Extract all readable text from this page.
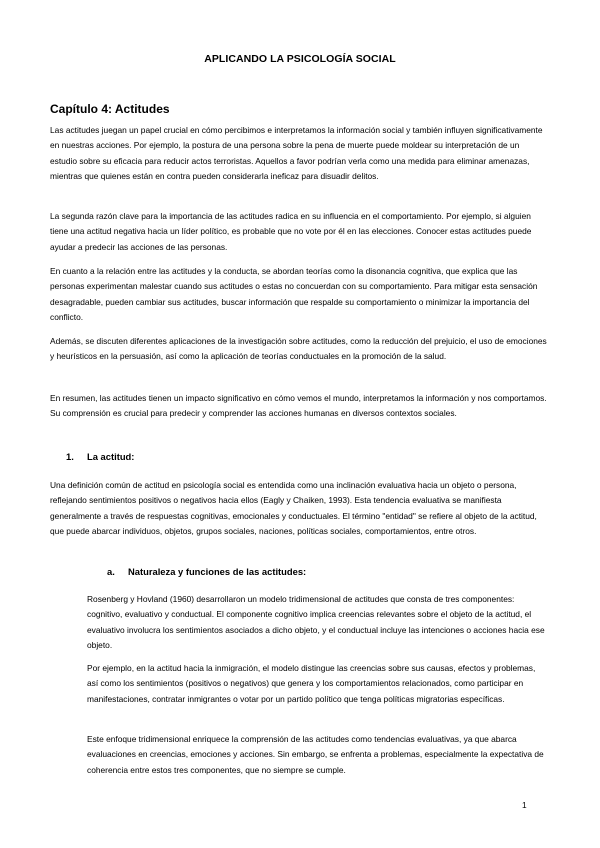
APLICANDO LA PSICOLOGÍA SOCIAL
Capítulo 4: Actitudes

Las actitudes juegan un papel crucial en cómo percibimos e interpretamos la información social y también influyen significativamente en nuestras acciones. Por ejemplo, la postura de una persona sobre la pena de muerte puede moldear su interpretación de un estudio sobre su eficacia para reducir actos terroristas. Aquellos a favor podrían verla como una medida para eliminar amenazas, mientras que quienes están en contra pueden considerarla ineficaz para disuadir delitos.

La segunda razón clave para la importancia de las actitudes radica en su influencia en el comportamiento. Por ejemplo, si alguien tiene una actitud negativa hacia un líder político, es probable que no vote por él en las elecciones. Conocer estas actitudes puede ayudar a predecir las acciones de las personas.

En cuanto a la relación entre las actitudes y la conducta, se abordan teorías como la disonancia cognitiva, que explica que las personas experimentan malestar cuando sus actitudes o estas no concuerdan con su comportamiento. Para mitigar esta sensación desagradable, pueden cambiar sus actitudes, buscar información que respalde su comportamiento o minimizar la importancia del conflicto.

Además, se discuten diferentes aplicaciones de la investigación sobre actitudes, como la reducción del prejuicio, el uso de emociones y heurísticos en la persuasión, así como la aplicación de teorías conductuales en la promoción de la salud.

En resumen, las actitudes tienen un impacto significativo en cómo vemos el mundo, interpretamos la información y nos comportamos. Su comprensión es crucial para predecir y comprender las acciones humanas en diversos contextos sociales.

1. La actitud:

Una definición común de actitud en psicología social es entendida como una inclinación evaluativa hacia un objeto o persona, reflejando sentimientos positivos o negativos hacia ellos (Eagly y Chaiken, 1993). Esta tendencia evaluativa se manifiesta generalmente a través de respuestas cognitivas, emocionales y conductuales. El término "entidad" se refiere al objeto de la actitud, que puede abarcar individuos, objetos, grupos sociales, naciones, políticas sociales, comportamientos, entre otros.

a. Naturaleza y funciones de las actitudes:

Rosenberg y Hovland (1960) desarrollaron un modelo tridimensional de actitudes que consta de tres componentes: cognitivo, evaluativo y conductual. El componente cognitivo implica creencias relevantes sobre el objeto de la actitud, el evaluativo involucra los sentimientos asociados a dicho objeto, y el conductual incluye las intenciones o acciones hacia ese objeto.

Por ejemplo, en la actitud hacia la inmigración, el modelo distingue las creencias sobre sus causas, efectos y problemas, así como los sentimientos (positivos o negativos) que genera y los comportamientos relacionados, como participar en manifestaciones, contratar inmigrantes o votar por un partido político que tenga políticas migratorias específicas.

Este enfoque tridimensional enriquece la comprensión de las actitudes como tendencias evaluativas, ya que abarca evaluaciones en creencias, emociones y acciones. Sin embargo, se enfrenta a problemas, especialmente la expectativa de coherencia entre estos tres componentes, que no siempre se cumple.

1
